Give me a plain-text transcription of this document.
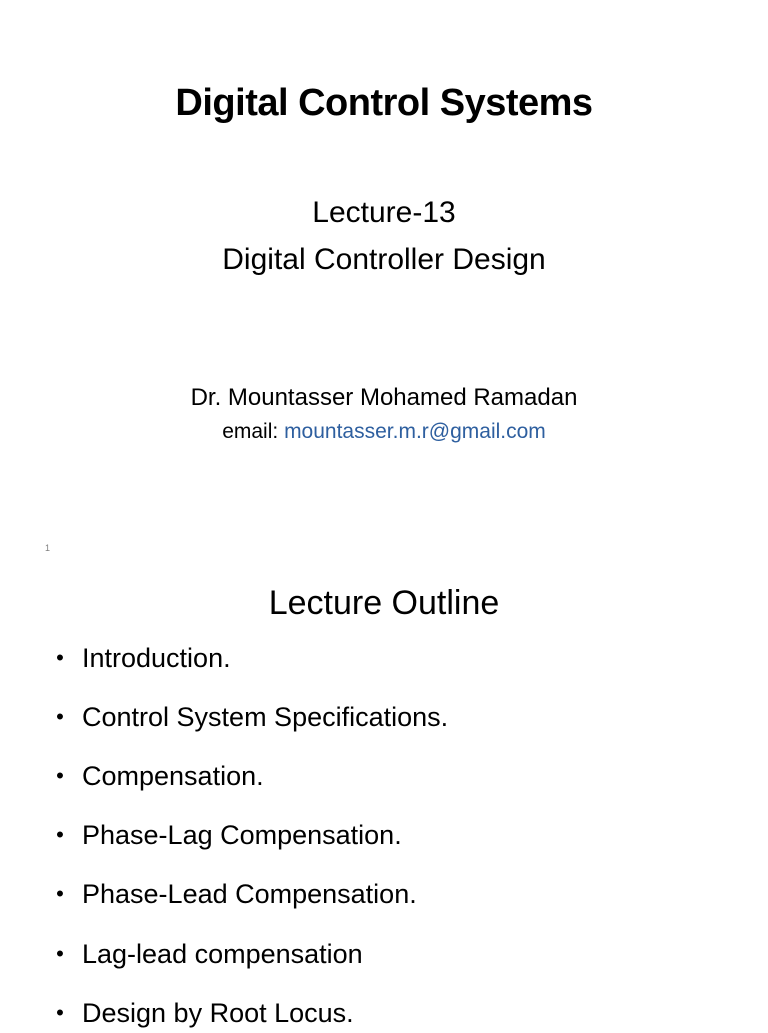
Digital Control Systems
Lecture-13
Digital Controller Design
Dr. Mountasser Mohamed Ramadan
email: mountasser.m.r@gmail.com
1
Lecture Outline
• Introduction.
• Control System Specifications.
• Compensation.
• Phase-Lag Compensation.
• Phase-Lead Compensation.
• Lag-lead compensation
• Design by Root Locus.
